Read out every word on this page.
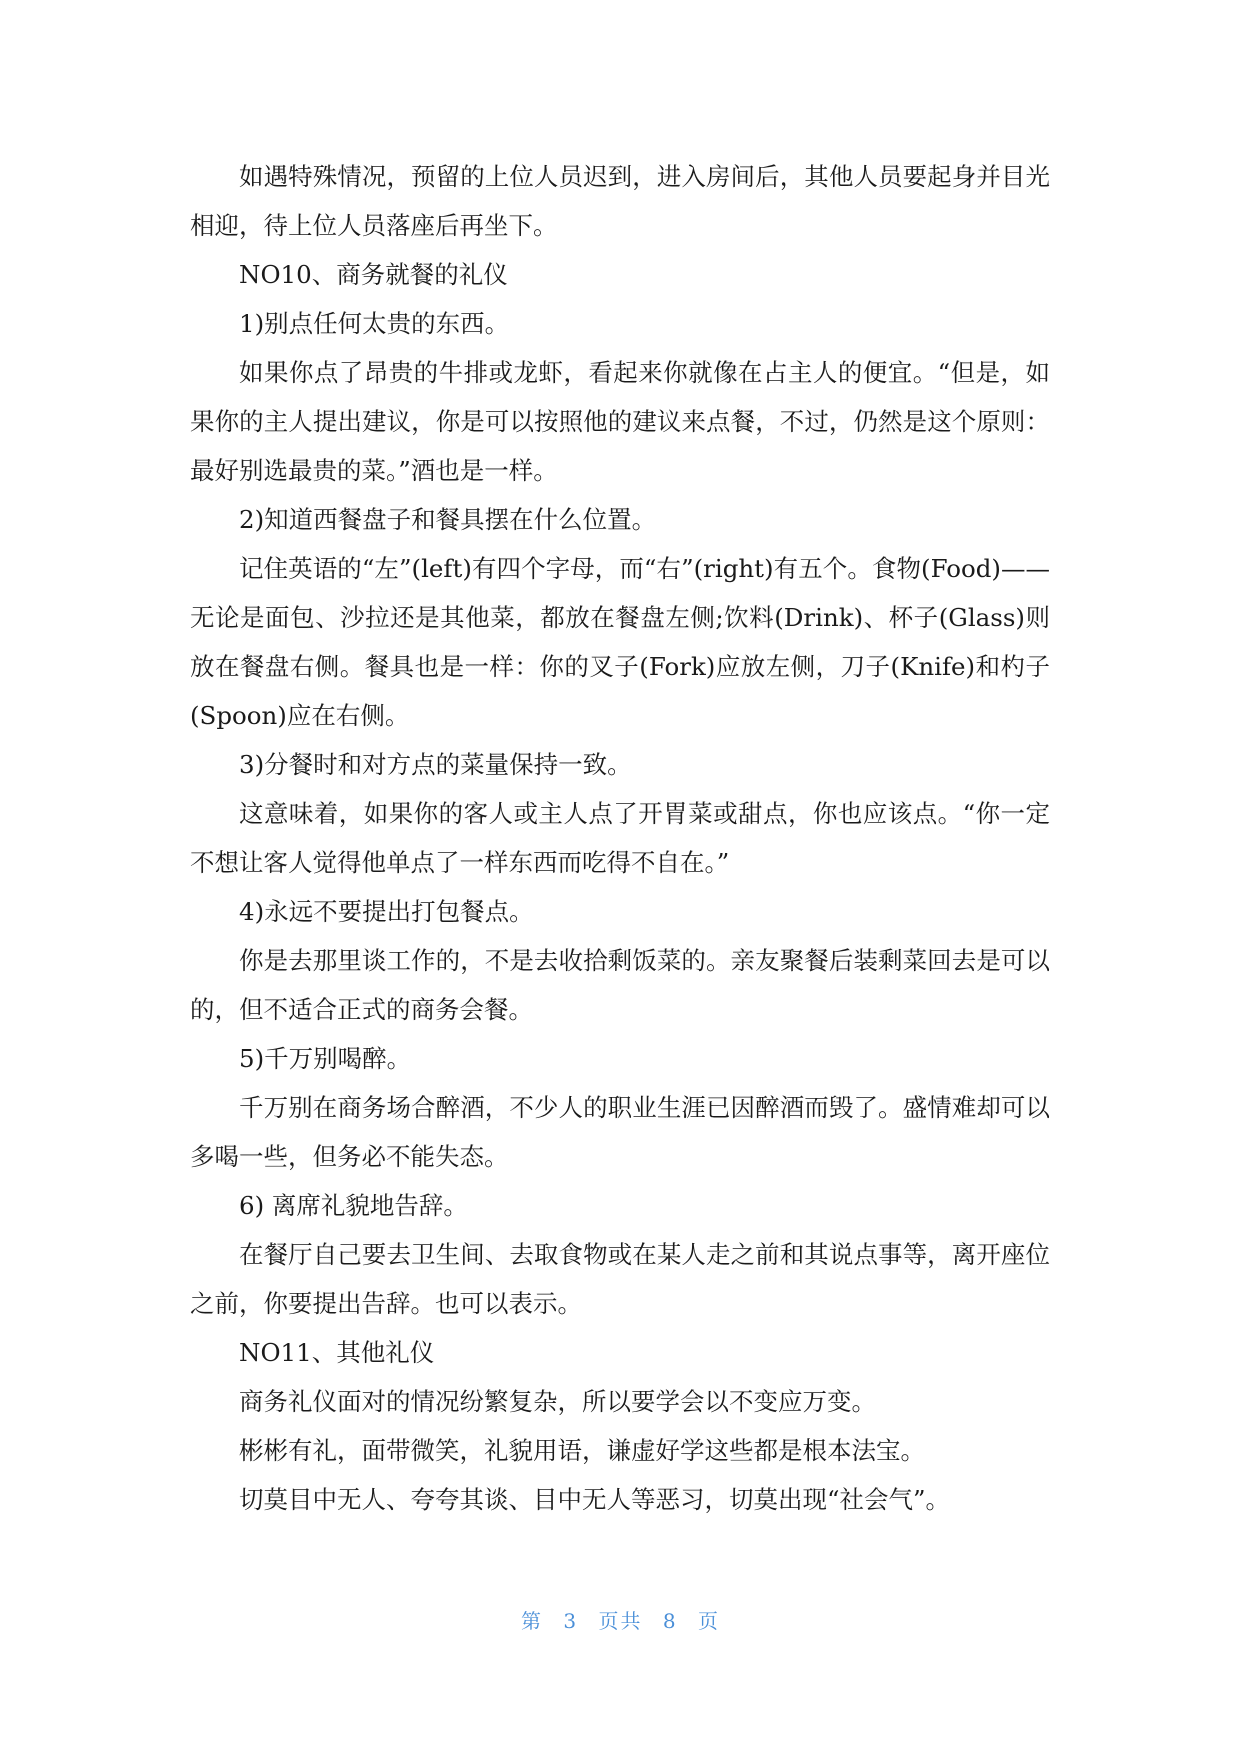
如遇特殊情况，预留的上位人员迟到，进入房间后，其他人员要起身并目光相迎，待上位人员落座后再坐下。

NO10、商务就餐的礼仪

1)别点任何太贵的东西。

如果你点了昂贵的牛排或龙虾，看起来你就像在占主人的便宜。“但是，如果你的主人提出建议，你是可以按照他的建议来点餐，不过，仍然是这个原则：最好别选最贵的菜。”酒也是一样。

2)知道西餐盘子和餐具摆在什么位置。

记住英语的“左”(left)有四个字母，而“右”(right)有五个。食物(Food)——无论是面包、沙拉还是其他菜，都放在餐盘左侧;饮料(Drink)、杯子(Glass)则放在餐盘右侧。餐具也是一样：你的叉子(Fork)应放左侧，刀子(Knife)和杓子(Spoon)应在右侧。

3)分餐时和对方点的菜量保持一致。

这意味着，如果你的客人或主人点了开胃菜或甜点，你也应该点。“你一定不想让客人觉得他单点了一样东西而吃得不自在。”

4)永远不要提出打包餐点。

你是去那里谈工作的，不是去收拾剩饭菜的。亲友聚餐后装剩菜回去是可以的，但不适合正式的商务会餐。

5)千万别喝醉。

千万别在商务场合醉酒，不少人的职业生涯已因醉酒而毁了。盛情难却可以多喝一些，但务必不能失态。

6) 离席礼貌地告辞。

在餐厅自己要去卫生间、去取食物或在某人走之前和其说点事等，离开座位之前，你要提出告辞。也可以表示。

NO11、其他礼仪

商务礼仪面对的情况纷繁复杂，所以要学会以不变应万变。

彬彬有礼，面带微笑，礼貌用语，谦虚好学这些都是根本法宝。

切莫目中无人、夸夸其谈、目中无人等恶习，切莫出现“社会气”。

第 3 页共 8 页
